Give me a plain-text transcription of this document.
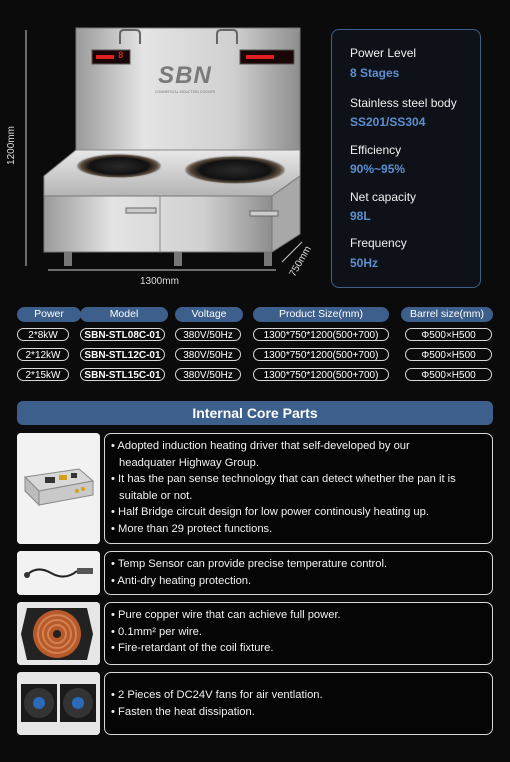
SBN
COMMERCIAL INDUCTION COOKER
8
1200mm
1300mm
750mm
Power Level
8 Stages
Stainless steel body
SS201/SS304
Efficiency
90%~95%
Net capacity
98L
Frequency
50Hz
Power	Model	Voltage	Product Size(mm)	Barrel size(mm)
2*8kW	SBN-STL08C-01	380V/50Hz	1300*750*1200(500+700)	Φ500×H500
2*12kW	SBN-STL12C-01	380V/50Hz	1300*750*1200(500+700)	Φ500×H500
2*15kW	SBN-STL15C-01	380V/50Hz	1300*750*1200(500+700)	Φ500×H500
Internal Core Parts
• Adopted induction heating driver that self-developed by our
headquater Highway Group.
• It has the pan sense technology that can detect whether the pan it is
suitable or not.
• Half Bridge circuit design for low power continously heating up.
• More than 29 protect functions.
• Temp Sensor can provide precise temperature control.
• Anti-dry heating protection.
• Pure copper wire that can achieve full power.
• 0.1mm² per wire.
• Fire-retardant of the coil fixture.
• 2 Pieces of DC24V fans for air ventlation.
• Fasten the heat dissipation.
